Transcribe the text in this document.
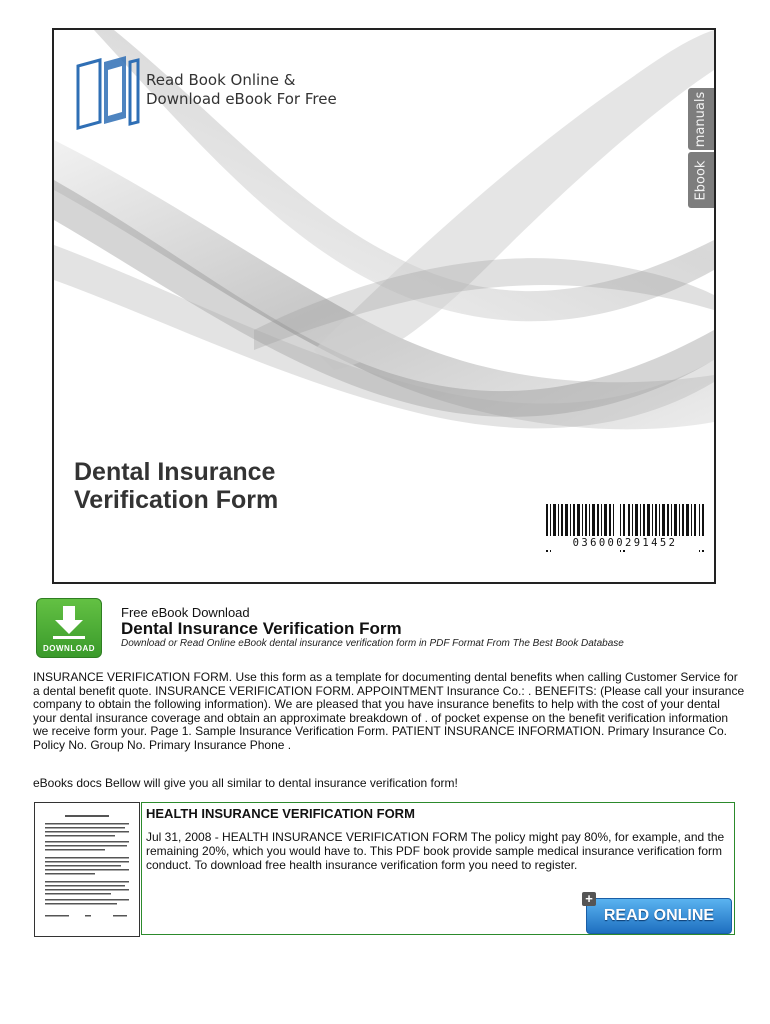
Read Book Online &
Download eBook For Free	manuals
Ebook
Dental Insurance
Verification Form
036000291452
DOWNLOAD
Free eBook Download
Dental Insurance Verification Form
Download or Read Online eBook dental insurance verification form in PDF Format From The Best Book Database
INSURANCE VERIFICATION FORM. Use this form as a template for documenting dental benefits when calling Customer Service for a dental benefit quote. INSURANCE VERIFICATION FORM. APPOINTMENT Insurance Co.: . BENEFITS: (Please call your insurance company to obtain the following information). We are pleased that you have insurance benefits to help with the cost of your dental your dental insurance coverage and obtain an approximate breakdown of . of pocket expense on the benefit verification information we receive form your. Page 1. Sample Insurance Verification Form. PATIENT INSURANCE INFORMATION. Primary Insurance Co. Policy No. Group No. Primary Insurance Phone .
eBooks docs Bellow will give you all similar to dental insurance verification form!
HEALTH INSURANCE VERIFICATION FORM
Jul 31, 2008 - HEALTH INSURANCE VERIFICATION FORM The policy might pay 80%, for example, and the remaining 20%, which you would have to. This PDF book provide sample medical insurance verification form conduct. To download free health insurance verification form you need to register.
+
READ ONLINE
